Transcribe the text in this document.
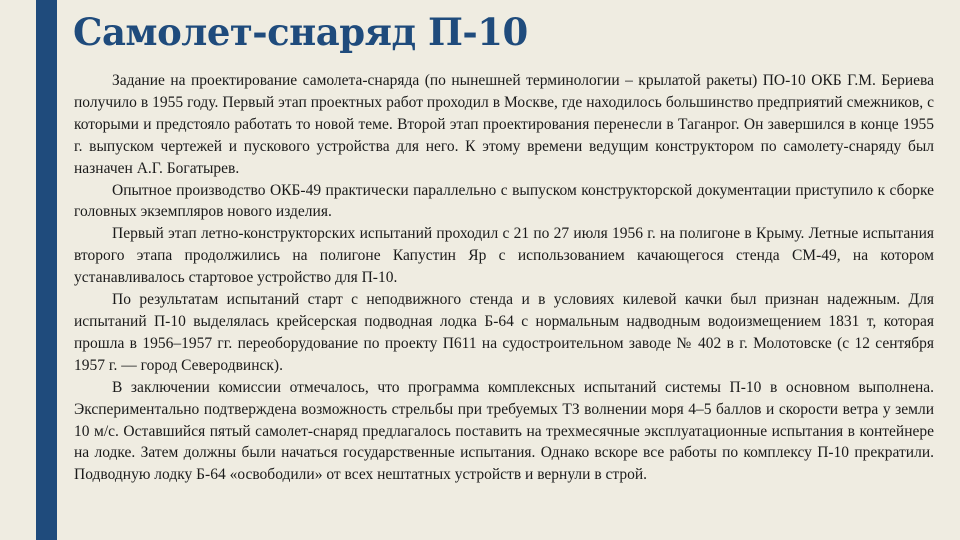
Самолет-снаряд П-10

Задание на проектирование самолета-снаряда (по нынешней терминологии – крылатой ракеты) ПО-10 ОКБ Г.М. Бериева получило в 1955 году. Первый этап проектных работ проходил в Москве, где находилось большинство предприятий смежников, с которыми и предстояло работать то новой теме. Второй этап проектирования перенесли в Таганрог. Он завершился в конце 1955 г. выпуском чертежей и пускового устройства для него. К этому времени ведущим конструктором по самолету-снаряду был назначен А.Г. Богатырев.

Опытное производство ОКБ-49 практически параллельно с выпуском конструкторской документации приступило к сборке головных экземпляров нового изделия.

Первый этап летно-конструкторских испытаний проходил с 21 по 27 июля 1956 г. на полигоне в Крыму. Летные испытания второго этапа продолжились на полигоне Капустин Яр с использованием качающегося стенда СМ-49, на котором устанавливалось стартовое устройство для П-10.

По результатам испытаний старт с неподвижного стенда и в условиях килевой качки был признан надежным. Для испытаний П-10 выделялась крейсерская подводная лодка Б-64 с нормальным надводным водоизмещением 1831 т, которая прошла в 1956–1957 гг. переоборудование по проекту П611 на судостроительном заводе № 402 в г. Молотовске (с 12 сентября 1957 г. — город Северодвинск).

В заключении комиссии отмечалось, что программа комплексных испытаний системы П-10 в основном выполнена. Экспериментально подтверждена возможность стрельбы при требуемых ТЗ волнении моря 4–5 баллов и скорости ветра у земли 10 м/с. Оставшийся пятый самолет-снаряд предлагалось поставить на трехмесячные эксплуатационные испытания в контейнере на лодке. Затем должны были начаться государственные испытания. Однако вскоре все работы по комплексу П-10 прекратили. Подводную лодку Б-64 «освободили» от всех нештатных устройств и вернули в строй.
